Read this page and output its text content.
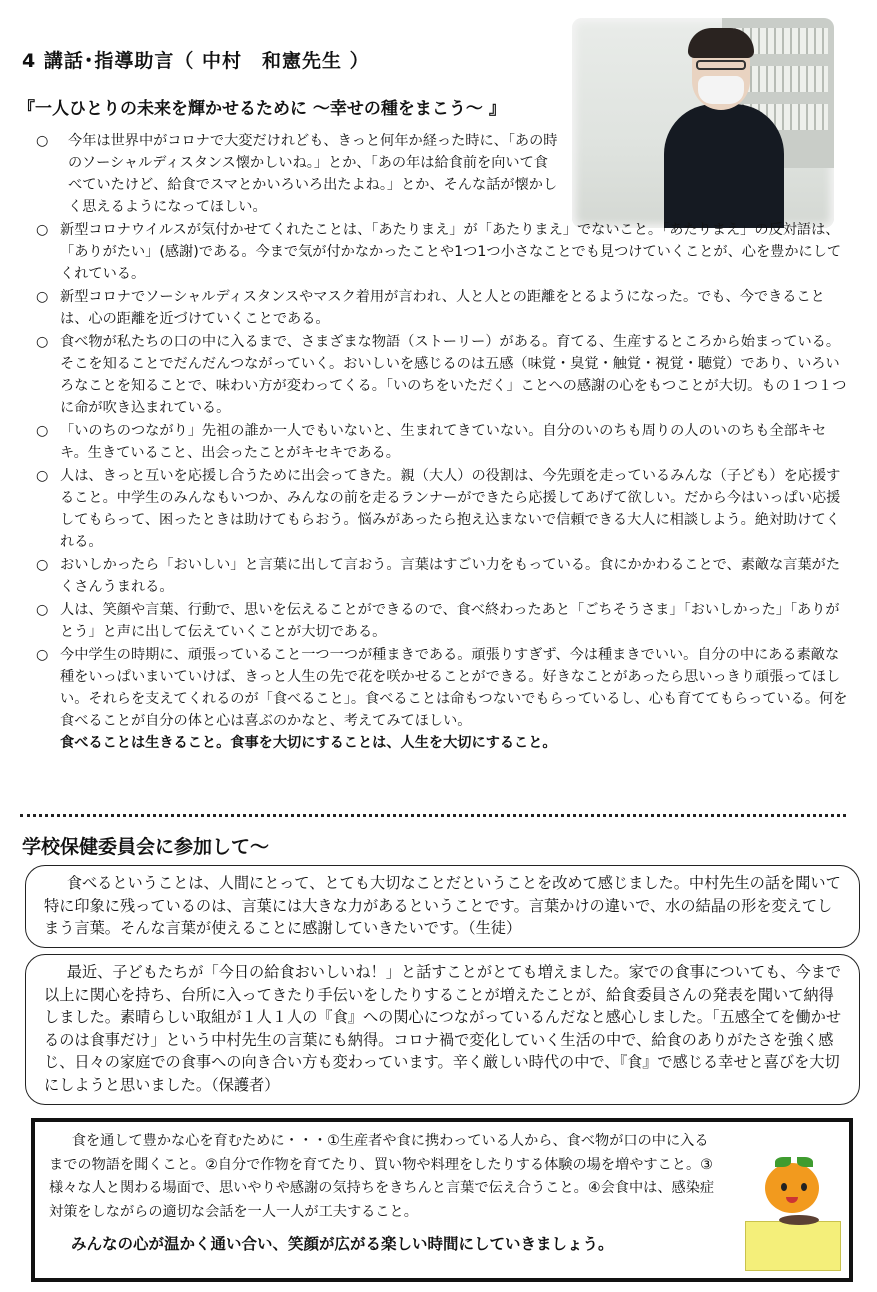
4 講話･指導助言（ 中村　和憲先生 ）
『一人ひとりの未来を輝かせるために ～幸せの種をまこう～ 』
○	今年は世界中がコロナで大変だけれども、きっと何年か経った時に、「あの時のソーシャルディスタンス懐かしいね。」とか、「あの年は給食前を向いて食べていたけど、給食でスマとかいろいろ出たよね。」とか、そんな話が懐かしく思えるようになってほしい。
○ 新型コロナウイルスが気付かせてくれたことは、「あたりまえ」が「あたりまえ」でないこと。「あたりまえ」の反対語は、「ありがたい」(感謝)である。今まで気が付かなかったことや1つ1つ小さなことでも見つけていくことが、心を豊かにしてくれている。
○ 新型コロナでソーシャルディスタンスやマスク着用が言われ、人と人との距離をとるようになった。でも、今できることは、心の距離を近づけていくことである。
○ 食べ物が私たちの口の中に入るまで、さまざまな物語（ストーリー）がある。育てる、生産するところから始まっている。そこを知ることでだんだんつながっていく。おいしいを感じるのは五感（味覚・臭覚・触覚・視覚・聴覚）であり、いろいろなことを知ることで、味わい方が変わってくる。「いのちをいただく」ことへの感謝の心をもつことが大切。もの１つ１つに命が吹き込まれている。
○ 「いのちのつながり」先祖の誰か一人でもいないと、生まれてきていない。自分のいのちも周りの人のいのちも全部キセキ。生きていること、出会ったことがキセキである。
○ 人は、きっと互いを応援し合うために出会ってきた。親（大人）の役割は、今先頭を走っているみんな（子ども）を応援すること。中学生のみんなもいつか、みんなの前を走るランナーができたら応援してあげて欲しい。だから今はいっぱい応援してもらって、困ったときは助けてもらおう。悩みがあったら抱え込まないで信頼できる大人に相談しよう。絶対助けてくれる。
○ おいしかったら「おいしい」と言葉に出して言おう。言葉はすごい力をもっている。食にかかわることで、素敵な言葉がたくさんうまれる。
○ 人は、笑顔や言葉、行動で、思いを伝えることができるので、食べ終わったあと「ごちそうさま」「おいしかった」「ありがとう」と声に出して伝えていくことが大切である。
○ 今中学生の時期に、頑張っていること一つ一つが種まきである。頑張りすぎず、今は種まきでいい。自分の中にある素敵な種をいっぱいまいていけば、きっと人生の先で花を咲かせることができる。好きなことがあったら思いっきり頑張ってほしい。それらを支えてくれるのが「食べること」。食べることは命もつないでもらっているし、心も育ててもらっている。何を食べることが自分の体と心は喜ぶのかなと、考えてみてほしい。
食べることは生きること。食事を大切にすることは、人生を大切にすること。
学校保健委員会に参加して～

食べるということは、人間にとって、とても大切なことだということを改めて感じました。中村先生の話を聞いて特に印象に残っているのは、言葉には大きな力があるということです。言葉かけの違いで、水の結晶の形を変えてしまう言葉。そんな言葉が使えることに感謝していきたいです。（生徒）

最近、子どもたちが「今日の給食おいしいね！」と話すことがとても増えました。家での食事についても、今まで以上に関心を持ち、台所に入ってきたり手伝いをしたりすることが増えたことが、給食委員さんの発表を聞いて納得しました。素晴らしい取組が１人１人の『食』への関心につながっているんだなと感心しました。「五感全てを働かせるのは食事だけ」という中村先生の言葉にも納得。コロナ禍で変化していく生活の中で、給食のありがたさを強く感じ、日々の家庭での食事への向き合い方も変わっています。辛く厳しい時代の中で、『食』で感じる幸せと喜びを大切にしようと思いました。（保護者）

食を通して豊かな心を育むために・・・①生産者や食に携わっている人から、食べ物が口の中に入るまでの物語を聞くこと。②自分で作物を育てたり、買い物や料理をしたりする体験の場を増やすこと。③様々な人と関わる場面で、思いやりや感謝の気持ちをきちんと言葉で伝え合うこと。④会食中は、感染症対策をしながらの適切な会話を一人一人が工夫すること。
みんなの心が温かく通い合い、笑顔が広がる楽しい時間にしていきましょう。
